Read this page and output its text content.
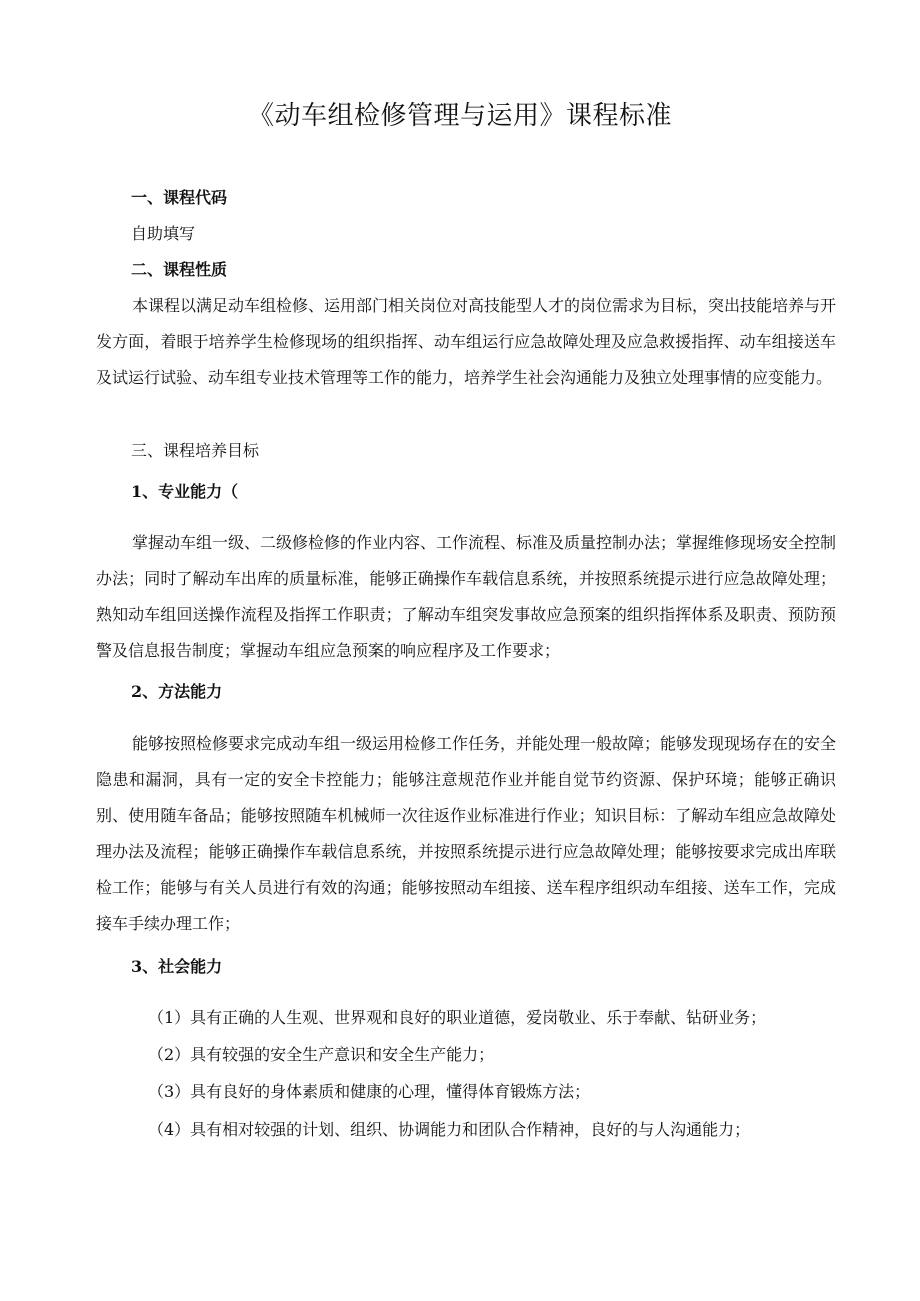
《动车组检修管理与运用》课程标准
一、课程代码
自助填写
二、课程性质

本课程以满足动车组检修、运用部门相关岗位对高技能型人才的岗位需求为目标，突出技能培养与开发方面，着眼于培养学生检修现场的组织指挥、动车组运行应急故障处理及应急救援指挥、动车组接送车及试运行试验、动车组专业技术管理等工作的能力，培养学生社会沟通能力及独立处理事情的应变能力。

三、课程培养目标
1、专业能力（

掌握动车组一级、二级修检修的作业内容、工作流程、标准及质量控制办法；掌握维修现场安全控制办法；同时了解动车出库的质量标准，能够正确操作车载信息系统，并按照系统提示进行应急故障处理；熟知动车组回送操作流程及指挥工作职责；了解动车组突发事故应急预案的组织指挥体系及职责、预防预警及信息报告制度；掌握动车组应急预案的响应程序及工作要求；

2、方法能力

能够按照检修要求完成动车组一级运用检修工作任务，并能处理一般故障；能够发现现场存在的安全隐患和漏洞，具有一定的安全卡控能力；能够注意规范作业并能自觉节约资源、保护环境；能够正确识别、使用随车备品；能够按照随车机械师一次往返作业标准进行作业；知识目标：了解动车组应急故障处理办法及流程；能够正确操作车载信息系统，并按照系统提示进行应急故障处理；能够按要求完成出库联检工作；能够与有关人员进行有效的沟通；能够按照动车组接、送车程序组织动车组接、送车工作，完成接车手续办理工作；

3、社会能力
（1）具有正确的人生观、世界观和良好的职业道德，爱岗敬业、乐于奉献、钻研业务；
（2）具有较强的安全生产意识和安全生产能力；
（3）具有良好的身体素质和健康的心理，懂得体育锻炼方法；
（4）具有相对较强的计划、组织、协调能力和团队合作精神，良好的与人沟通能力；
